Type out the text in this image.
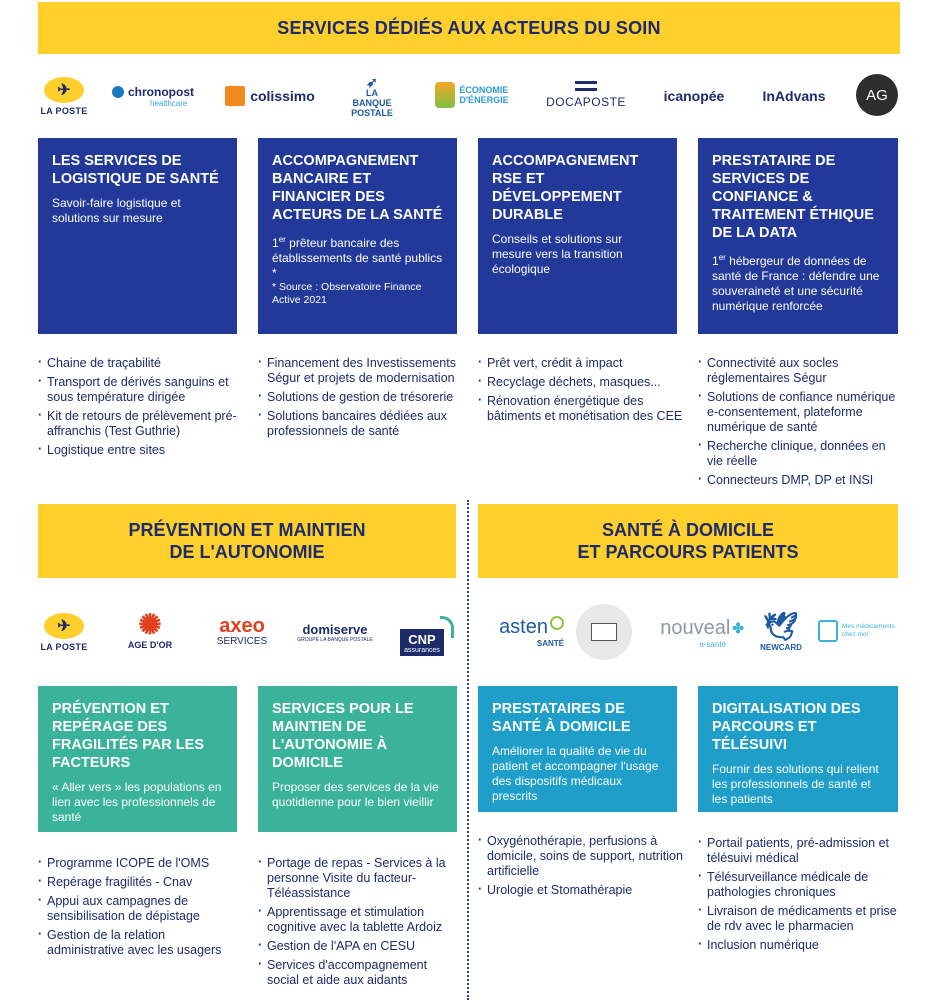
SERVICES DÉDIÉS AUX ACTEURS DU SOIN
✈
LA POSTE
chronopost
healthcare	colissimo
➶
LA
BANQUE
POSTALE
ÉCONOMIE
D'ÉNERGIE	DOCAPOSTE	icanopée	InAdvans	AG
LES SERVICES DE LOGISTIQUE DE SANTÉ
Savoir-faire logistique et solutions sur mesure
ACCOMPAGNEMENT BANCAIRE ET FINANCIER DES ACTEURS DE LA SANTÉ
1er prêteur bancaire des établissements de santé publics *
* Source : Observatoire Finance Active 2021
ACCOMPAGNEMENT RSE ET DÉVELOPPEMENT DURABLE
Conseils et solutions sur mesure vers la transition écologique
PRESTATAIRE DE SERVICES DE CONFIANCE & TRAITEMENT ÉTHIQUE DE LA DATA
1er hébergeur de données de santé de France : défendre une souveraineté et une sécurité numérique renforcée
· Chaine de traçabilité
· Transport de dérivés sanguins et sous température dirigée
· Kit de retours de prélèvement pré-affranchis (Test Guthrie)
· Logistique entre sites
· Financement des Investissements Ségur et projets de modernisation
· Solutions de gestion de trésorerie
· Solutions bancaires dédiées aux professionnels de santé
· Prêt vert, crédit à impact
· Recyclage déchets, masques...
· Rénovation énergétique des bâtiments et monétisation des CEE
· Connectivité aux socles réglementaires Ségur
· Solutions de confiance numérique e-consentement, plateforme numérique de santé
· Recherche clinique, données en vie réelle
· Connecteurs DMP, DP et INSI
PRÉVENTION ET MAINTIEN
DE L'AUTONOMIE
SANTÉ À DOMICILE
ET PARCOURS PATIENTS
✈
LA POSTE
✺
AGE D'OR
axeo
SERVICES
domiserve
GROUPE LA BANQUE POSTALE	CNP
assurances
asten
SANTÉ
nouveal ✤
e-santé
🕊
NEWCARD
Mes médicaments chez moi
PRÉVENTION ET REPÉRAGE DES FRAGILITÉS PAR LES FACTEURS
« Aller vers » les populations en lien avec les professionnels de santé
SERVICES POUR LE MAINTIEN DE L'AUTONOMIE À DOMICILE
Proposer des services de la vie quotidienne pour le bien vieillir
PRESTATAIRES DE SANTÉ À DOMICILE
Améliorer la qualité de vie du patient et accompagner l'usage des dispositifs médicaux prescrits
DIGITALISATION DES PARCOURS ET TÉLÉSUIVI
Fournir des solutions qui relient les professionnels de santé et les patients
· Programme ICOPE de l'OMS
· Repérage fragilités - Cnav
· Appui aux campagnes de sensibilisation de dépistage
· Gestion de la relation administrative avec les usagers
· Portage de repas - Services à la personne Visite du facteur-Téléassistance
· Apprentissage et stimulation cognitive avec la tablette Ardoiz
· Gestion de l'APA en CESU
· Services d'accompagnement social et aide aux aidants
· Oxygénothérapie, perfusions à domicile, soins de support, nutrition artificielle
· Urologie et Stomathérapie
· Portail patients, pré-admission et télésuivi médical
· Télésurveillance médicale de pathologies chroniques
· Livraison de médicaments et prise de rdv avec le pharmacien
· Inclusion numérique
